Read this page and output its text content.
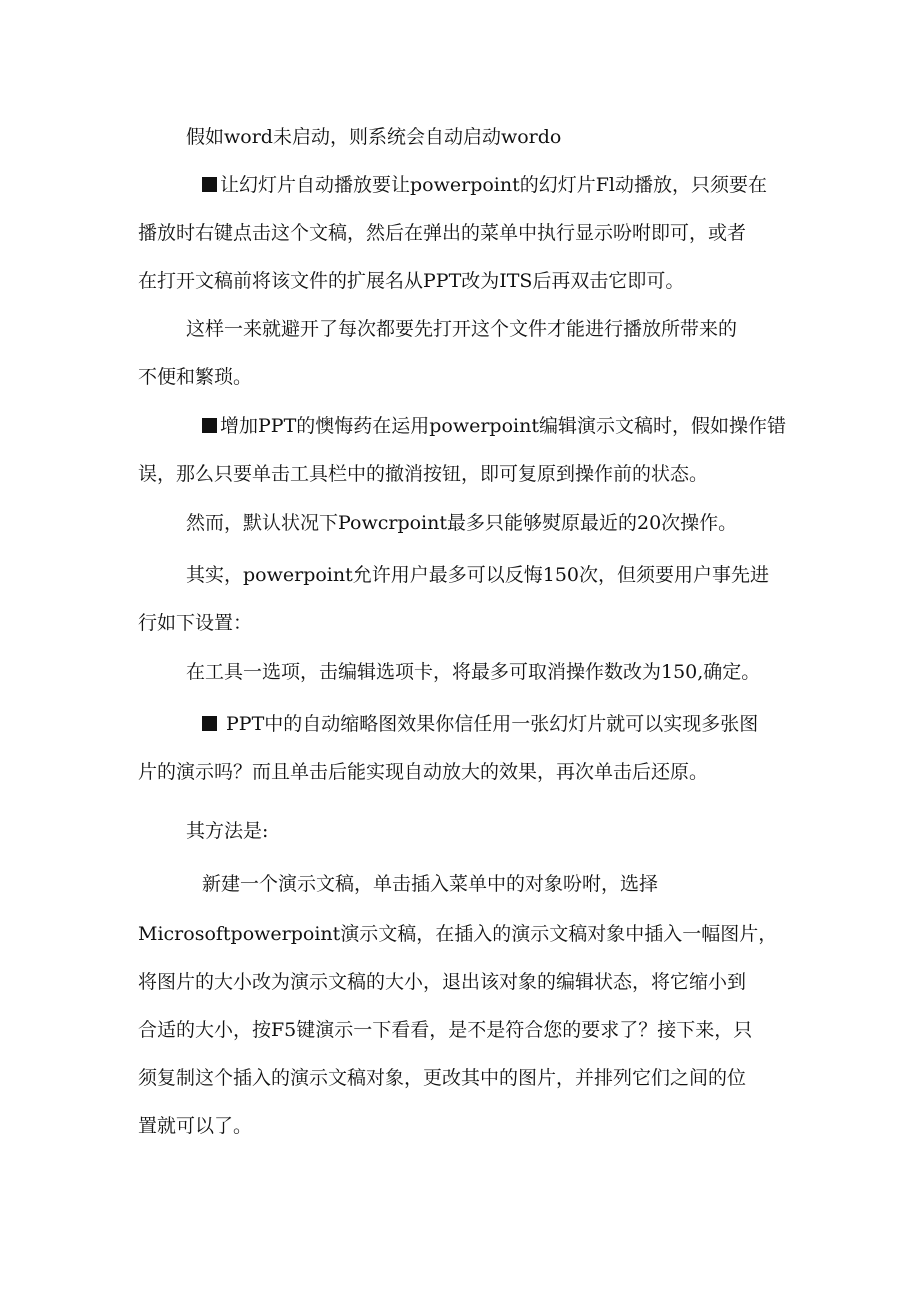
假如word未启动，则系统会自动启动wordo
让幻灯片自动播放要让powerpoint的幻灯片Fl动播放，只须要在
播放时右键点击这个文稿，然后在弹出的菜单中执行显示吩咐即可，或者
在打开文稿前将该文件的扩展名从PPT改为ITS后再双击它即可。
这样一来就避开了每次都要先打开这个文件才能进行播放所带来的
不便和繁琐。
增加PPT的懊悔药在运用powerpoint编辑演示文稿时，假如操作错
误，那么只要单击工具栏中的撤消按钮，即可复原到操作前的状态。
然而，默认状况下Powcrpoint最多只能够熨原最近的20次操作。
其实，powerpoint允许用户最多可以反悔150次，但须要用户事先进
行如下设置：
在工具一选项，击编辑选项卡，将最多可取消操作数改为150,确定。
PPT中的自动缩略图效果你信任用一张幻灯片就可以实现多张图
片的演示吗？而且单击后能实现自动放大的效果，再次单击后还原。
其方法是:
新建一个演示文稿，单击插入菜单中的对象吩咐，选择
Microsoftpowerpoint演示文稿，在插入的演示文稿对象中插入一幅图片，
将图片的大小改为演示文稿的大小，退出该对象的编辑状态，将它缩小到
合适的大小，按F5键演示一下看看，是不是符合您的要求了？接下来，只
须复制这个插入的演示文稿对象，更改其中的图片，并排列它们之间的位
置就可以了。
